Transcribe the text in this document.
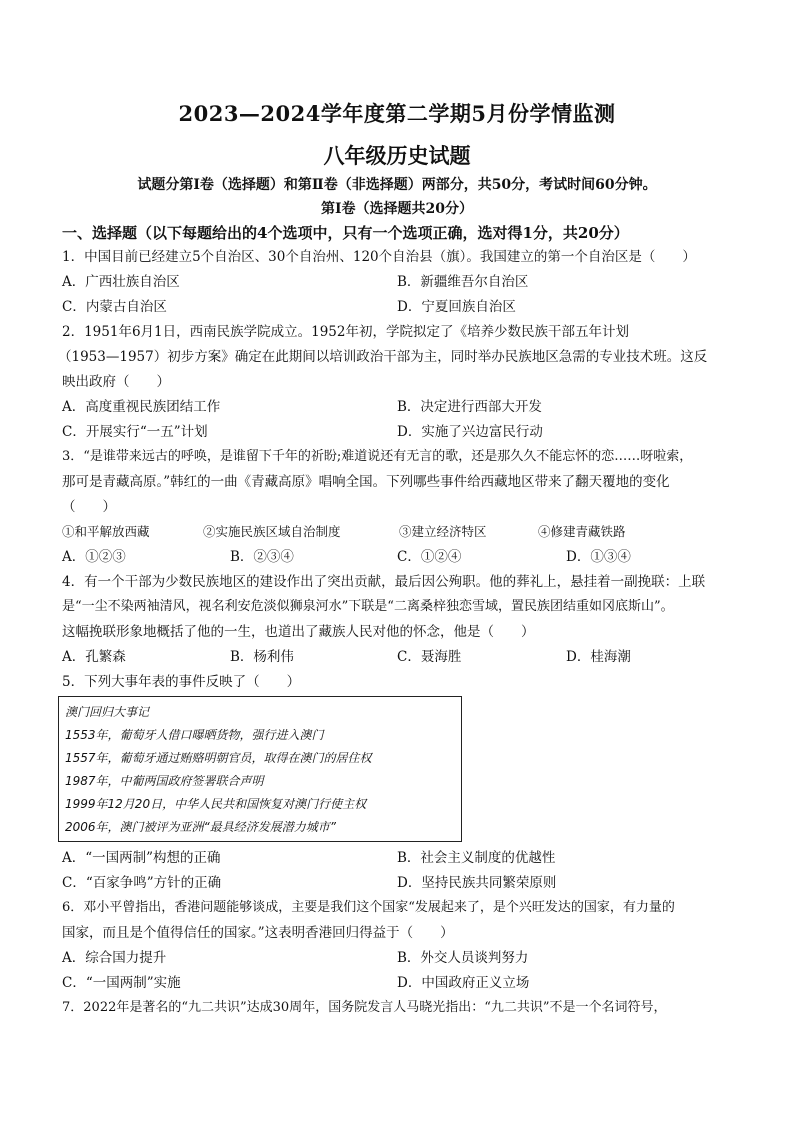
2023—2024学年度第二学期5月份学情监测
八年级历史试题
试题分第Ⅰ卷（选择题）和第Ⅱ卷（非选择题）两部分，共50分，考试时间60分钟。
第Ⅰ卷（选择题共20分）
一、选择题（以下每题给出的4个选项中，只有一个选项正确，选对得1分，共20分）
1．中国目前已经建立5个自治区、30个自治州、120个自治县（旗）。我国建立的第一个自治区是（　　）
A．广西壮族自治区	B．新疆维吾尔自治区
C．内蒙古自治区	D．宁夏回族自治区
2．1951年6月1日，西南民族学院成立。1952年初，学院拟定了《培养少数民族干部五年计划
（1953—1957）初步方案》确定在此期间以培训政治干部为主，同时举办民族地区急需的专业技术班。这反
映出政府（　　）
A．高度重视民族团结工作	B．决定进行西部大开发
C．开展实行“一五”计划	D．实施了兴边富民行动
3．“是谁带来远古的呼唤，是谁留下千年的祈盼;难道说还有无言的歌，还是那久久不能忘怀的恋……呀啦索，
那可是青藏高原。”韩红的一曲《青藏高原》唱响全国。下列哪些事件给西藏地区带来了翻天覆地的变化
（　　）
①和平解放西藏	②实施民族区域自治制度	③建立经济特区	④修建青藏铁路
A．①②③	B．②③④	C．①②④	D．①③④
4．有一个干部为少数民族地区的建设作出了突出贡献，最后因公殉职。他的葬礼上，悬挂着一副挽联：上联
是“一尘不染两袖清风，视名利安危淡似狮泉河水”下联是“二离桑梓独恋雪域，置民族团结重如冈底斯山”。
这幅挽联形象地概括了他的一生，也道出了藏族人民对他的怀念，他是（　　）
A．孔繁森	B．杨利伟	C．聂海胜	D．桂海潮
5．下列大事年表的事件反映了（　　）
澳门回归大事记
1553年，葡萄牙人借口曝晒货物，强行进入澳门
1557年，葡萄牙通过贿赂明朝官员，取得在澳门的居住权
1987年，中葡两国政府签署联合声明
1999年12月20日，中华人民共和国恢复对澳门行使主权
2006年，澳门被评为亚洲“最具经济发展潜力城市”
A．“一国两制”构想的正确	B．社会主义制度的优越性
C．“百家争鸣”方针的正确	D．坚持民族共同繁荣原则
6．邓小平曾指出，香港问题能够谈成，主要是我们这个国家“发展起来了，是个兴旺发达的国家，有力量的
国家，而且是个值得信任的国家。”这表明香港回归得益于（　　）
A．综合国力提升	B．外交人员谈判努力
C．“一国两制”实施	D．中国政府正义立场
7．2022年是著名的“九二共识”达成30周年，国务院发言人马晓光指出：“九二共识”不是一个名词符号，
